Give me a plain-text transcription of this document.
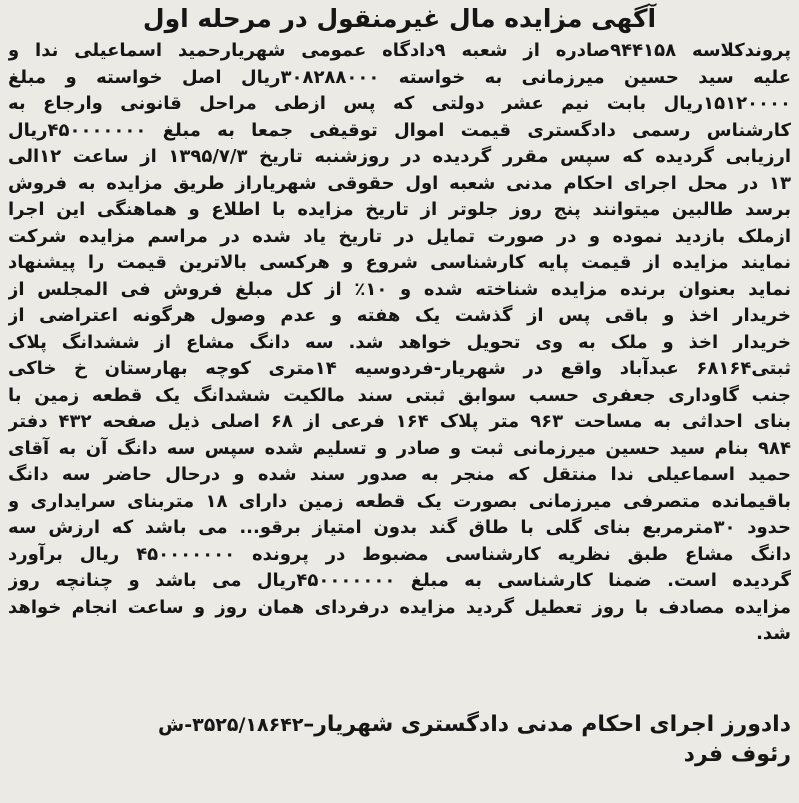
آگهی مزایده مال غیرمنقول در مرحله اول
پروندکلاسه ۹۴۴۱۵۸صادره از شعبه ۹دادگاه عمومی شهریارحمید اسماعیلی ندا و
علیه سید حسین میرزمانی به خواسته ۳۰۸۲۸۸۰۰۰ریال اصل خواسته و مبلغ
۱۵۱۲۰۰۰۰ریال بابت نیم عشر دولتی که پس ازطی مراحل قانونی وارجاع به
کارشناس رسمی دادگستری قیمت اموال توقیفی جمعا به مبلغ ۴۵۰۰۰۰۰۰۰ریال
ارزیابی گردیده که سپس مقرر گردیده در روزشنبه تاریخ ۱۳۹۵/۷/۳ از ساعت ۱۲الی
۱۳ در محل اجرای احکام مدنی شعبه اول حقوقی شهریاراز طریق مزایده به فروش
برسد طالبین میتوانند پنج روز جلوتر از تاریخ مزایده با اطلاع و هماهنگی این اجرا
ازملک بازدید نموده و در صورت تمایل در تاریخ یاد شده در مراسم مزایده شرکت
نمایند مزایده از قیمت پایه کارشناسی شروع و هرکسی بالاترین قیمت را پیشنهاد
نماید بعنوان برنده مزایده شناخته شده و ۱۰٪ از کل مبلغ فروش فی المجلس از
خریدار اخذ و باقی پس از گذشت یک هفته و عدم وصول هرگونه اعتراضی از
خریدار اخذ و ملک به وی تحویل خواهد شد. سه دانگ مشاع از ششدانگ پلاک
ثبتی۶۸۱۶۴ عبدآباد واقع در شهریار-فردوسیه ۱۴متری کوچه بهارستان خ خاکی
جنب گاوداری جعفری حسب سوابق ثبتی سند مالکیت ششدانگ یک قطعه زمین با
بنای احداثی به مساحت ۹۶۳ متر پلاک ۱۶۴ فرعی از ۶۸ اصلی ذیل صفحه ۴۳۲ دفتر
۹۸۴ بنام سید حسین میرزمانی ثبت و صادر و تسلیم شده سپس سه دانگ آن به آقای
حمید اسماعیلی ندا منتقل که منجر به صدور سند شده و درحال حاضر سه دانگ
باقیمانده متصرفی میرزمانی بصورت یک قطعه زمین دارای ۱۸ متربنای سرایداری و
حدود ۳۰مترمربع بنای گلی با طاق گند بدون امتیاز برقو... می باشد که ارزش سه
دانگ مشاع طبق نظریه کارشناسی مضبوط در پرونده ۴۵۰۰۰۰۰۰۰ ریال برآورد
گردیده است. ضمنا کارشناسی به مبلغ ۴۵۰۰۰۰۰۰۰ریال می باشد و چنانچه روز
مزایده مصادف با روز تعطیل گردید مزایده درفردای همان روز و ساعت انجام خواهد
شد.
دادورز اجرای احکام مدنی دادگستری شهریار–
۳۵۲۵/۱۸۶۴۲-ش
رئوف فرد
